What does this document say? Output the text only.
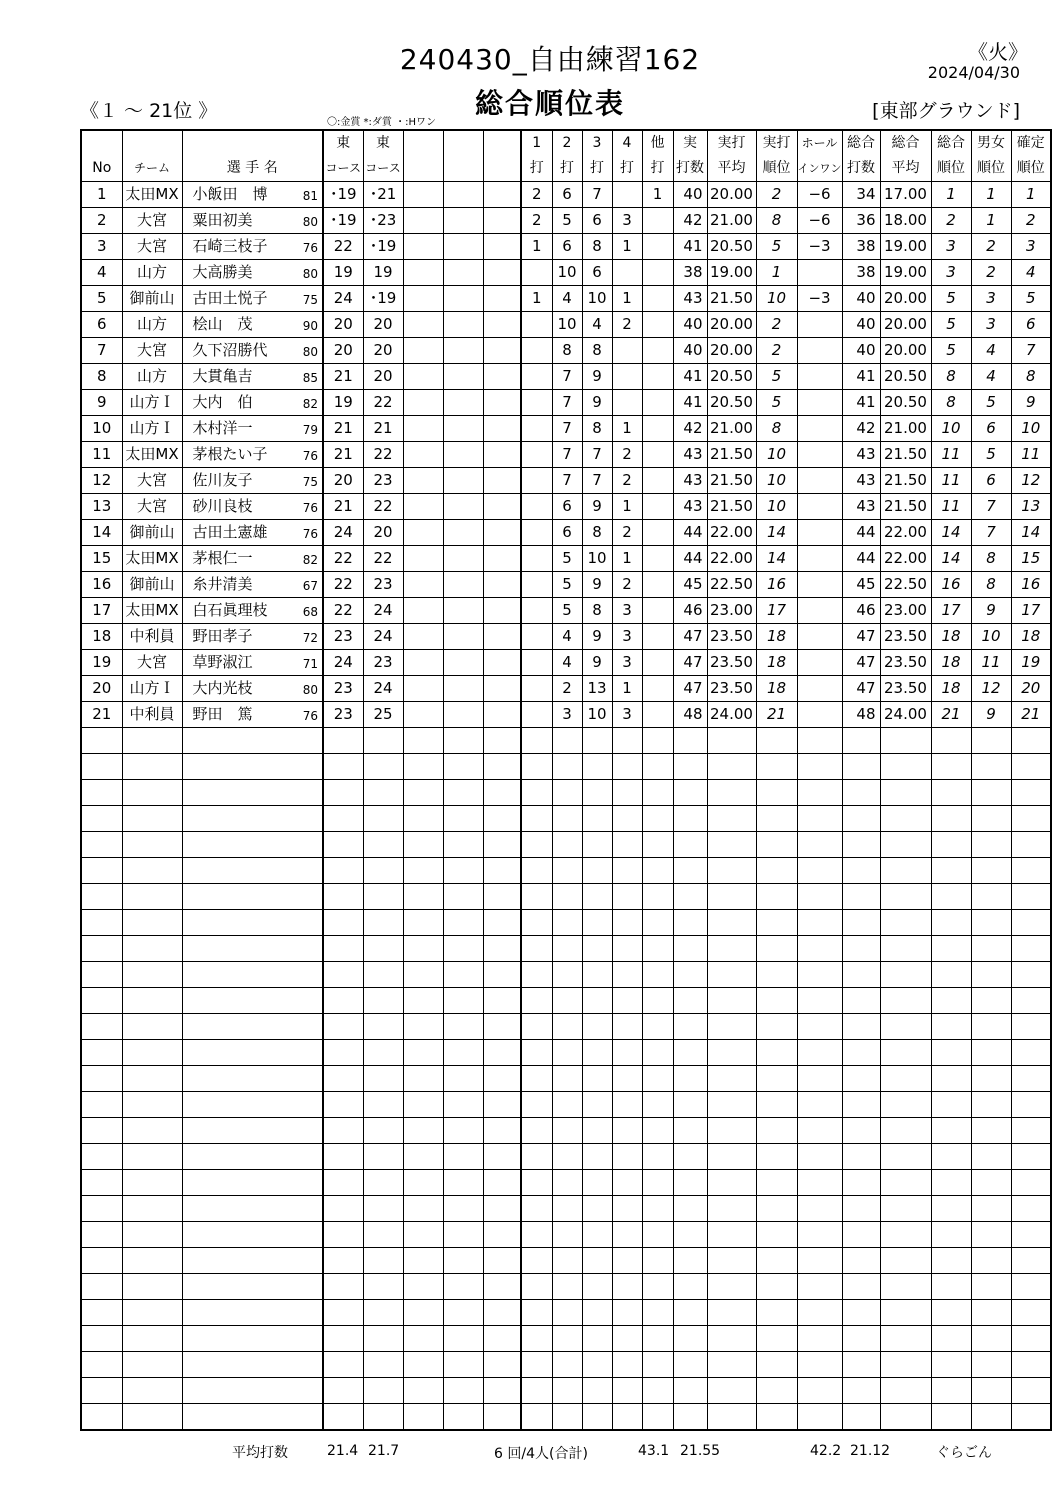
240430_自由練習162
総合順位表
《火》
2024/04/30
《１ ～ 21位 》	[東部グラウンド]
〇:金賞 *:ダ賞 ・:Hワン
			東	東				1	2	3	4	他	実	実打	実打	ホール	総合	総合	総合	男女	確定
No	チーム	選 手 名	コース	コース				打	打	打	打	打	打数	平均	順位	インワン	打数	平均	順位	順位	順位
1	太田MX	小飯田　博 81	･19	･21				2	6	7		1	40	20.00	2	−6	34	17.00	1	1	1
2	大宮	粟田初美 80	･19	･23				2	5	6	3		42	21.00	8	−6	36	18.00	2	1	2
3	大宮	石崎三枝子 76	22	･19				1	6	8	1		41	20.50	5	−3	38	19.00	3	2	3
4	山方	大高勝美 80	19	19					10	6			38	19.00	1		38	19.00	3	2	4
5	御前山	古田土悦子 75	24	･19				1	4	10	1		43	21.50	10	−3	40	20.00	5	3	5
6	山方	桧山　茂 90	20	20					10	4	2		40	20.00	2		40	20.00	5	3	6
7	大宮	久下沼勝代 80	20	20					8	8			40	20.00	2		40	20.00	5	4	7
8	山方	大貫亀吉 85	21	20					7	9			41	20.50	5		41	20.50	8	4	8
9	山方Ｉ	大内　伯 82	19	22					7	9			41	20.50	5		41	20.50	8	5	9
10	山方Ｉ	木村洋一 79	21	21					7	8	1		42	21.00	8		42	21.00	10	6	10
11	太田MX	茅根たい子 76	21	22					7	7	2		43	21.50	10		43	21.50	11	5	11
12	大宮	佐川友子 75	20	23					7	7	2		43	21.50	10		43	21.50	11	6	12
13	大宮	砂川良枝 76	21	22					6	9	1		43	21.50	10		43	21.50	11	7	13
14	御前山	古田土憲雄 76	24	20					6	8	2		44	22.00	14		44	22.00	14	7	14
15	太田MX	茅根仁一 82	22	22					5	10	1		44	22.00	14		44	22.00	14	8	15
16	御前山	糸井清美 67	22	23					5	9	2		45	22.50	16		45	22.50	16	8	16
17	太田MX	白石眞理枝 68	22	24					5	8	3		46	23.00	17		46	23.00	17	9	17
18	中利員	野田孝子 72	23	24					4	9	3		47	23.50	18		47	23.50	18	10	18
19	大宮	草野淑江 71	24	23					4	9	3		47	23.50	18		47	23.50	18	11	19
20	山方Ｉ	大内光枝 80	23	24					2	13	1		47	23.50	18		47	23.50	18	12	20
21	中利員	野田　篤 76	23	25					3	10	3		48	24.00	21		48	24.00	21	9	21

平均打数	21.4 21.7	6 回/4人(合計)	43.1 21.55	42.2 21.12	ぐらごん
